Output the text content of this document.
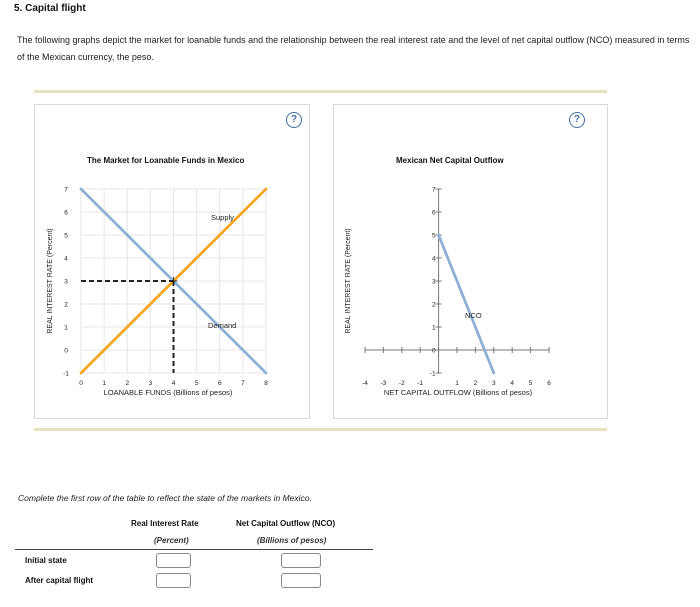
5. Capital flight
The following graphs depict the market for loanable funds and the relationship between the real interest rate and the level of net capital outflow (NCO) measured in terms of the Mexican currency, the peso.
?
The Market for Loanable Funds in Mexico
-1
0
1
2
3
4
5
6
7
0	1	2	3	4	5	6	7	8
LOANABLE FUNDS (Billions of pesos)
REAL INTEREST RATE (Percent)
Supply
Demand
?
Mexican Net Capital Outflow
-1
0
1
2
3
4
5
6
7
-4 -3 -2 -1	1 2 3 4 5 6
NET CAPITAL OUTFLOW (Billions of pesos)
REAL INTEREST RATE (Percent)	NCO
Complete the first row of the table to reflect the state of the markets in Mexico.
Real Interest Rate
(Percent)
Net Capital Outflow (NCO)
(Billions of pesos)
Initial state
After capital flight
